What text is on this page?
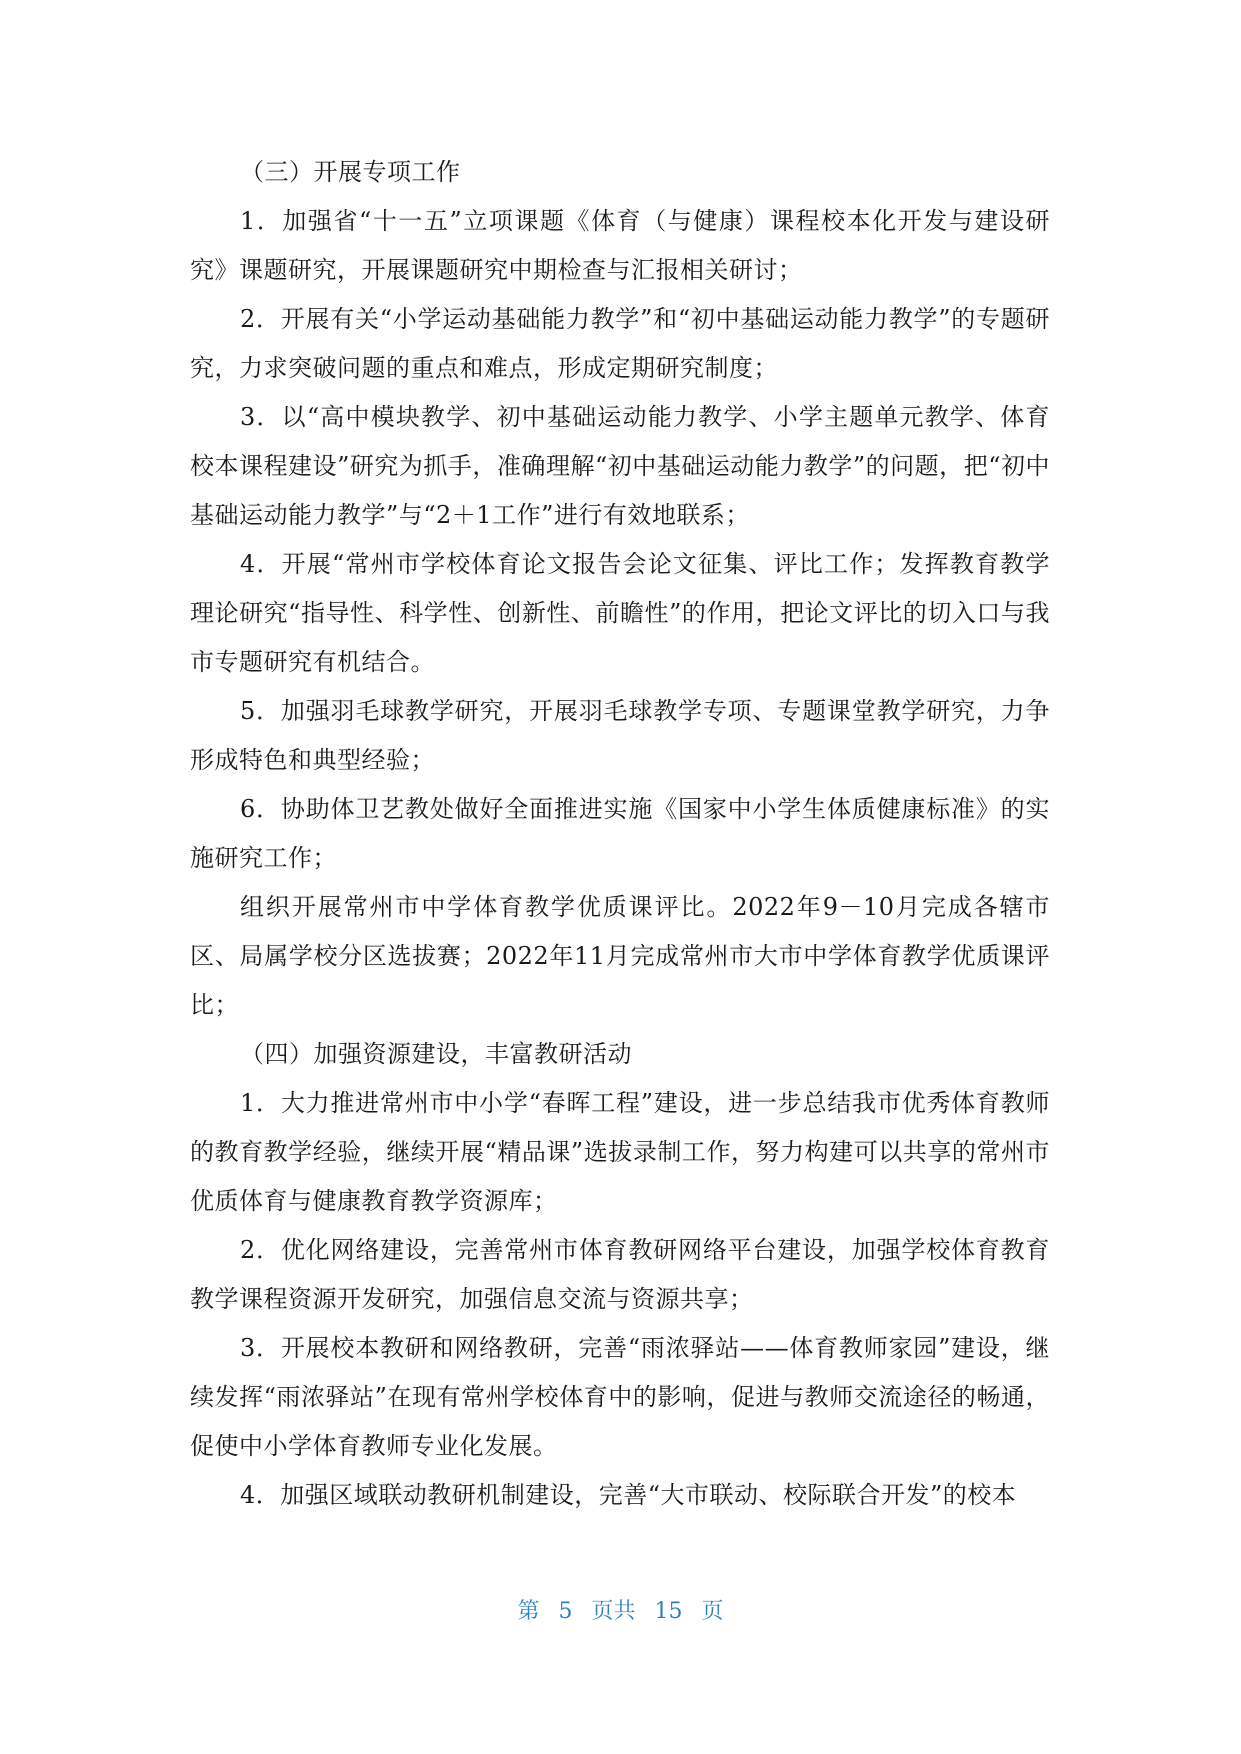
（三）开展专项工作

1．加强省“十一五”立项课题《体育（与健康）课程校本化开发与建设研究》课题研究，开展课题研究中期检查与汇报相关研讨；

2．开展有关“小学运动基础能力教学”和“初中基础运动能力教学”的专题研究，力求突破问题的重点和难点，形成定期研究制度；

3．以“高中模块教学、初中基础运动能力教学、小学主题单元教学、体育校本课程建设”研究为抓手，准确理解“初中基础运动能力教学”的问题，把“初中基础运动能力教学”与“2＋1工作”进行有效地联系；

4．开展“常州市学校体育论文报告会论文征集、评比工作；发挥教育教学理论研究“指导性、科学性、创新性、前瞻性”的作用，把论文评比的切入口与我市专题研究有机结合。

5．加强羽毛球教学研究，开展羽毛球教学专项、专题课堂教学研究，力争形成特色和典型经验；

6．协助体卫艺教处做好全面推进实施《国家中小学生体质健康标准》的实施研究工作；

组织开展常州市中学体育教学优质课评比。2022年9－10月完成各辖市区、局属学校分区选拔赛；2022年11月完成常州市大市中学体育教学优质课评比；

（四）加强资源建设，丰富教研活动

1．大力推进常州市中小学“春晖工程”建设，进一步总结我市优秀体育教师的教育教学经验，继续开展“精品课”选拔录制工作，努力构建可以共享的常州市优质体育与健康教育教学资源库；

2．优化网络建设，完善常州市体育教研网络平台建设，加强学校体育教育教学课程资源开发研究，加强信息交流与资源共享；

3．开展校本教研和网络教研，完善“雨浓驿站——体育教师家园”建设，继续发挥“雨浓驿站”在现有常州学校体育中的影响，促进与教师交流途径的畅通，促使中小学体育教师专业化发展。

4．加强区域联动教研机制建设，完善“大市联动、校际联合开发”的校本

第 5 页共 15 页
